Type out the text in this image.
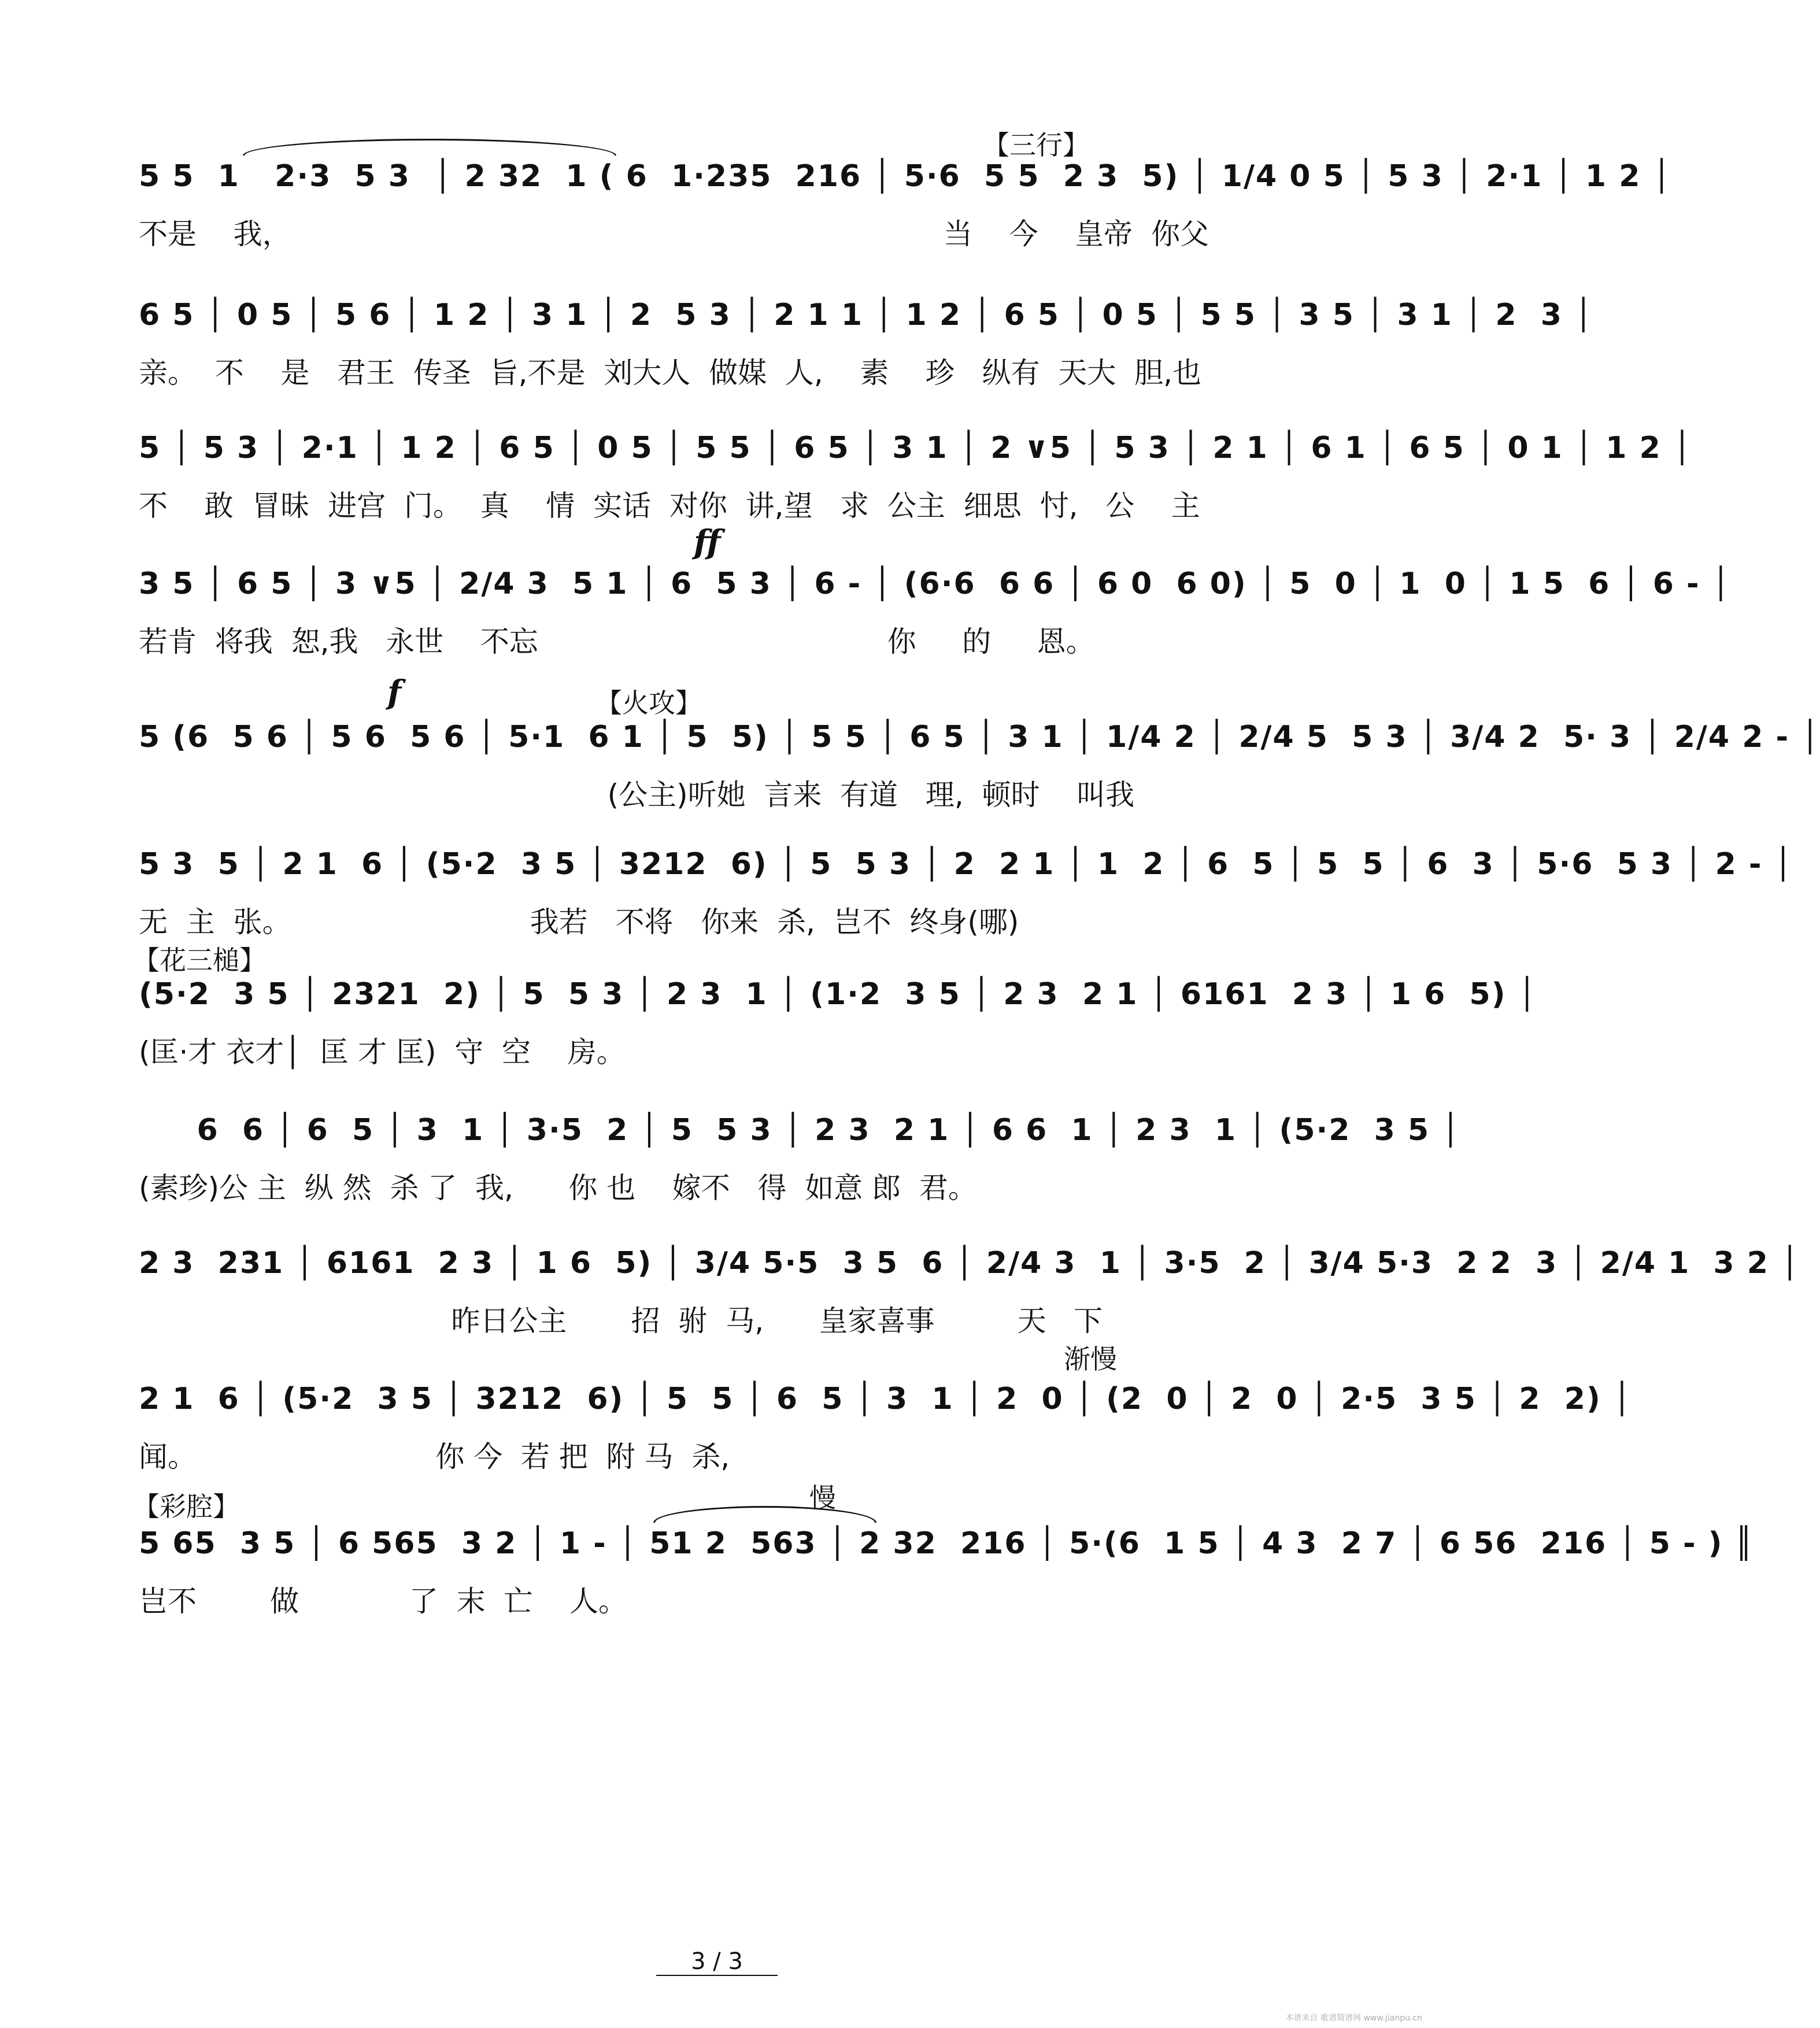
【三行】
5 5  1   2·3  5 3  │ 2 32  1 ( 6  1·235  216 │ 5·6  5 5  2 3  5) │ 1/4 0 5 │ 5 3 │ 2·1 │ 1 2 │
不是    我，                                                                       当    今    皇帝  你父
6 5 │ 0 5 │ 5 6 │ 1 2 │ 3 1 │ 2  5 3 │ 2 1 1 │ 1 2 │ 6 5 │ 0 5 │ 5 5 │ 3 5 │ 3 1 │ 2  3 │
亲。  不    是   君王  传圣  旨,不是  刘大人  做媒  人,    素    珍   纵有  天大  胆,也
5 │ 5 3 │ 2·1 │ 1 2 │ 6 5 │ 0 5 │ 5 5 │ 6 5 │ 3 1 │ 2 ∨5 │ 5 3 │ 2 1 │ 6 1 │ 6 5 │ 0 1 │ 1 2 │
不    敢  冒昧  进宫  门。  真    情  实话  对你  讲,望   求  公主  细思  忖,   公    主
ff
3 5 │ 6 5 │ 3 ∨5 │ 2/4 3  5 1 │ 6  5 3 │ 6 - │ (6·6  6 6 │ 6 0  6 0) │ 5  0 │ 1  0 │ 1 5  6 │ 6 - │
若肯  将我  恕,我   永世    不忘                                      你     的     恩。
f	【火攻】
5 (6  5 6 │ 5 6  5 6 │ 5·1  6 1 │ 5  5) │ 5 5 │ 6 5 │ 3 1 │ 1/4 2 │ 2/4 5  5 3 │ 3/4 2  5· 3 │ 2/4 2 - │
(公主)听她  言来  有道   理,  顿时    叫我
5 3  5 │ 2 1  6 │ (5·2  3 5 │ 3212  6) │ 5  5 3 │ 2  2 1 │ 1  2 │ 6  5 │ 5  5 │ 6  3 │ 5·6  5 3 │ 2 - │
无  主  张。                          我若   不将   你来  杀,  岂不  终身(哪)
【花三槌】
(5·2  3 5 │ 2321  2) │ 5  5 3 │ 2 3  1 │ (1·2  3 5 │ 2 3  2 1 │ 6161  2 3 │ 1 6  5) │
(匡·才 衣才│  匡 才 匡)  守  空    房。
6  6 │ 6  5 │ 3  1 │ 3·5  2 │ 5  5 3 │ 2 3  2 1 │ 6 6  1 │ 2 3  1 │ (5·2  3 5 │
(素珍)公 主  纵 然  杀 了  我,      你 也    嫁不   得  如意 郎  君。
2 3  231 │ 6161  2 3 │ 1 6  5) │ 3/4 5·5  3 5  6 │ 2/4 3  1 │ 3·5  2 │ 3/4 5·3  2 2  3 │ 2/4 1  3 2 │
昨日公主       招  驸  马,      皇家喜事         天   下
渐慢
2 1  6 │ (5·2  3 5 │ 3212  6) │ 5  5 │ 6  5 │ 3  1 │ 2  0 │ (2  0 │ 2  0 │ 2·5  3 5 │ 2  2) │
闻。                          你 今  若 把  附 马  杀,
【彩腔】	慢
5 65  3 5 │ 6 565  3 2 │ 1 - │ 51 2  563 │ 2 32  216 │ 5·(6  1 5 │ 4 3  2 7 │ 6 56  216 │ 5 - ) ║
岂不        做            了  末  亡    人。
3 / 3
本谱来自 歌谱简谱网 www.jianpu.cn
